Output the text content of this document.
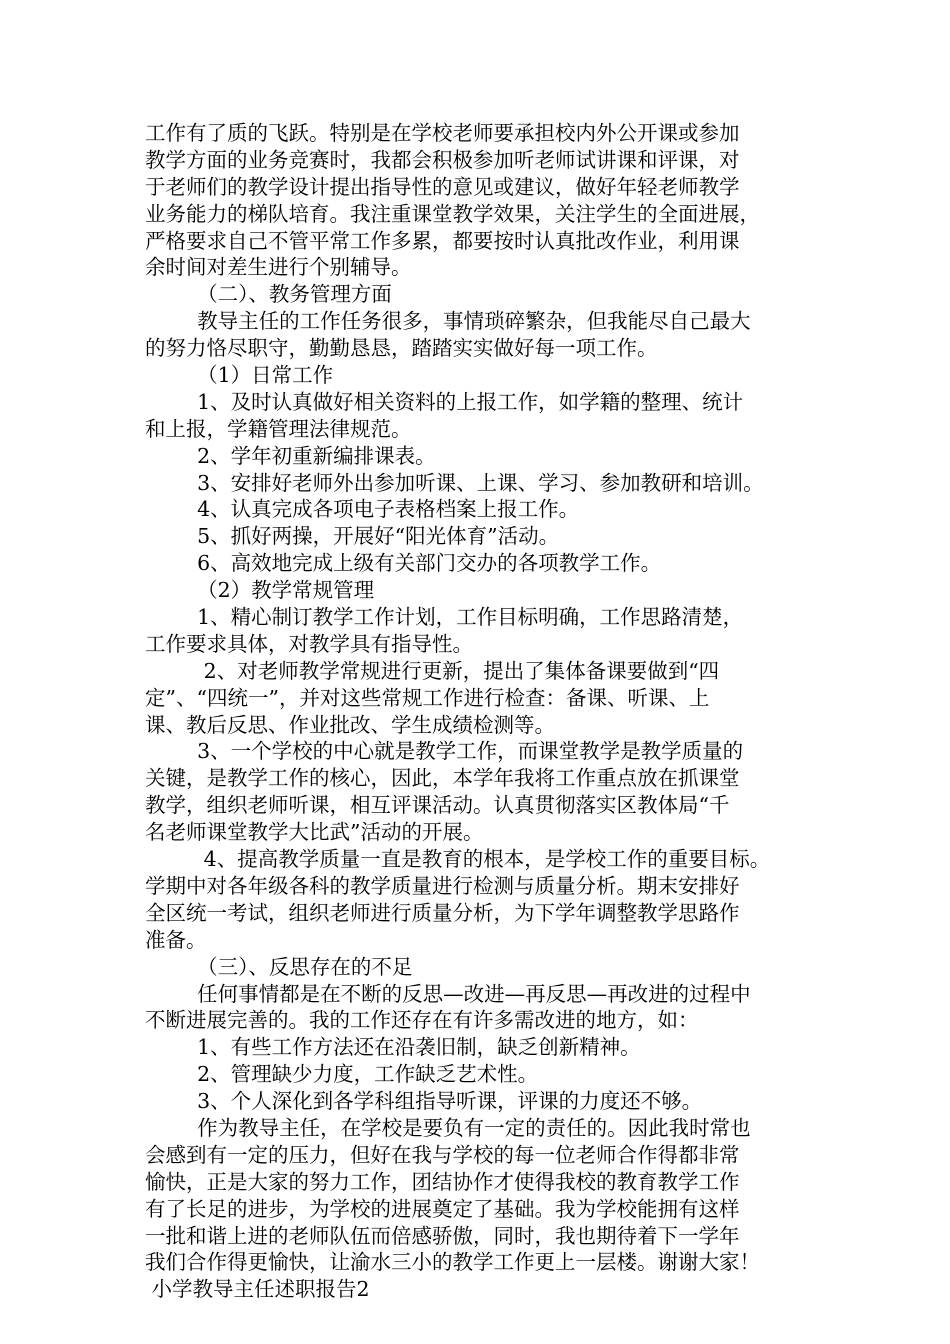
工作有了质的飞跃。特别是在学校老师要承担校内外公开课或参加
教学方面的业务竞赛时，我都会积极参加听老师试讲课和评课，对
于老师们的教学设计提出指导性的意见或建议，做好年轻老师教学
业务能力的梯队培育。我注重课堂教学效果，关注学生的全面进展，
严格要求自己不管平常工作多累，都要按时认真批改作业，利用课
余时间对差生进行个别辅导。
（二）、教务管理方面
教导主任的工作任务很多，事情琐碎繁杂，但我能尽自己最大
的努力恪尽职守，勤勤恳恳，踏踏实实做好每一项工作。
（1）日常工作
1、及时认真做好相关资料的上报工作，如学籍的整理、统计
和上报，学籍管理法律规范。
2、学年初重新编排课表。
3、安排好老师外出参加听课、上课、学习、参加教研和培训。
4、认真完成各项电子表格档案上报工作。
5、抓好两操，开展好“阳光体育”活动。
6、高效地完成上级有关部门交办的各项教学工作。
（2）教学常规管理
1、精心制订教学工作计划，工作目标明确，工作思路清楚，
工作要求具体，对教学具有指导性。
2、对老师教学常规进行更新，提出了集体备课要做到“四
定”、“四统一”，并对这些常规工作进行检查：备课、听课、上
课、教后反思、作业批改、学生成绩检测等。
3、一个学校的中心就是教学工作，而课堂教学是教学质量的
关键，是教学工作的核心，因此，本学年我将工作重点放在抓课堂
教学，组织老师听课，相互评课活动。认真贯彻落实区教体局“千
名老师课堂教学大比武”活动的开展。
4、提高教学质量一直是教育的根本，是学校工作的重要目标。
学期中对各年级各科的教学质量进行检测与质量分析。期末安排好
全区统一考试，组织老师进行质量分析，为下学年调整教学思路作
准备。
（三）、反思存在的不足
任何事情都是在不断的反思—改进—再反思—再改进的过程中
不断进展完善的。我的工作还存在有许多需改进的地方，如：
1、有些工作方法还在沿袭旧制，缺乏创新精神。
2、管理缺少力度，工作缺乏艺术性。
3、个人深化到各学科组指导听课，评课的力度还不够。
作为教导主任，在学校是要负有一定的责任的。因此我时常也
会感到有一定的压力，但好在我与学校的每一位老师合作得都非常
愉快，正是大家的努力工作，团结协作才使得我校的教育教学工作
有了长足的进步，为学校的进展奠定了基础。我为学校能拥有这样
一批和谐上进的老师队伍而倍感骄傲，同时，我也期待着下一学年
我们合作得更愉快，让渝水三小的教学工作更上一层楼。谢谢大家！
小学教导主任述职报告2
